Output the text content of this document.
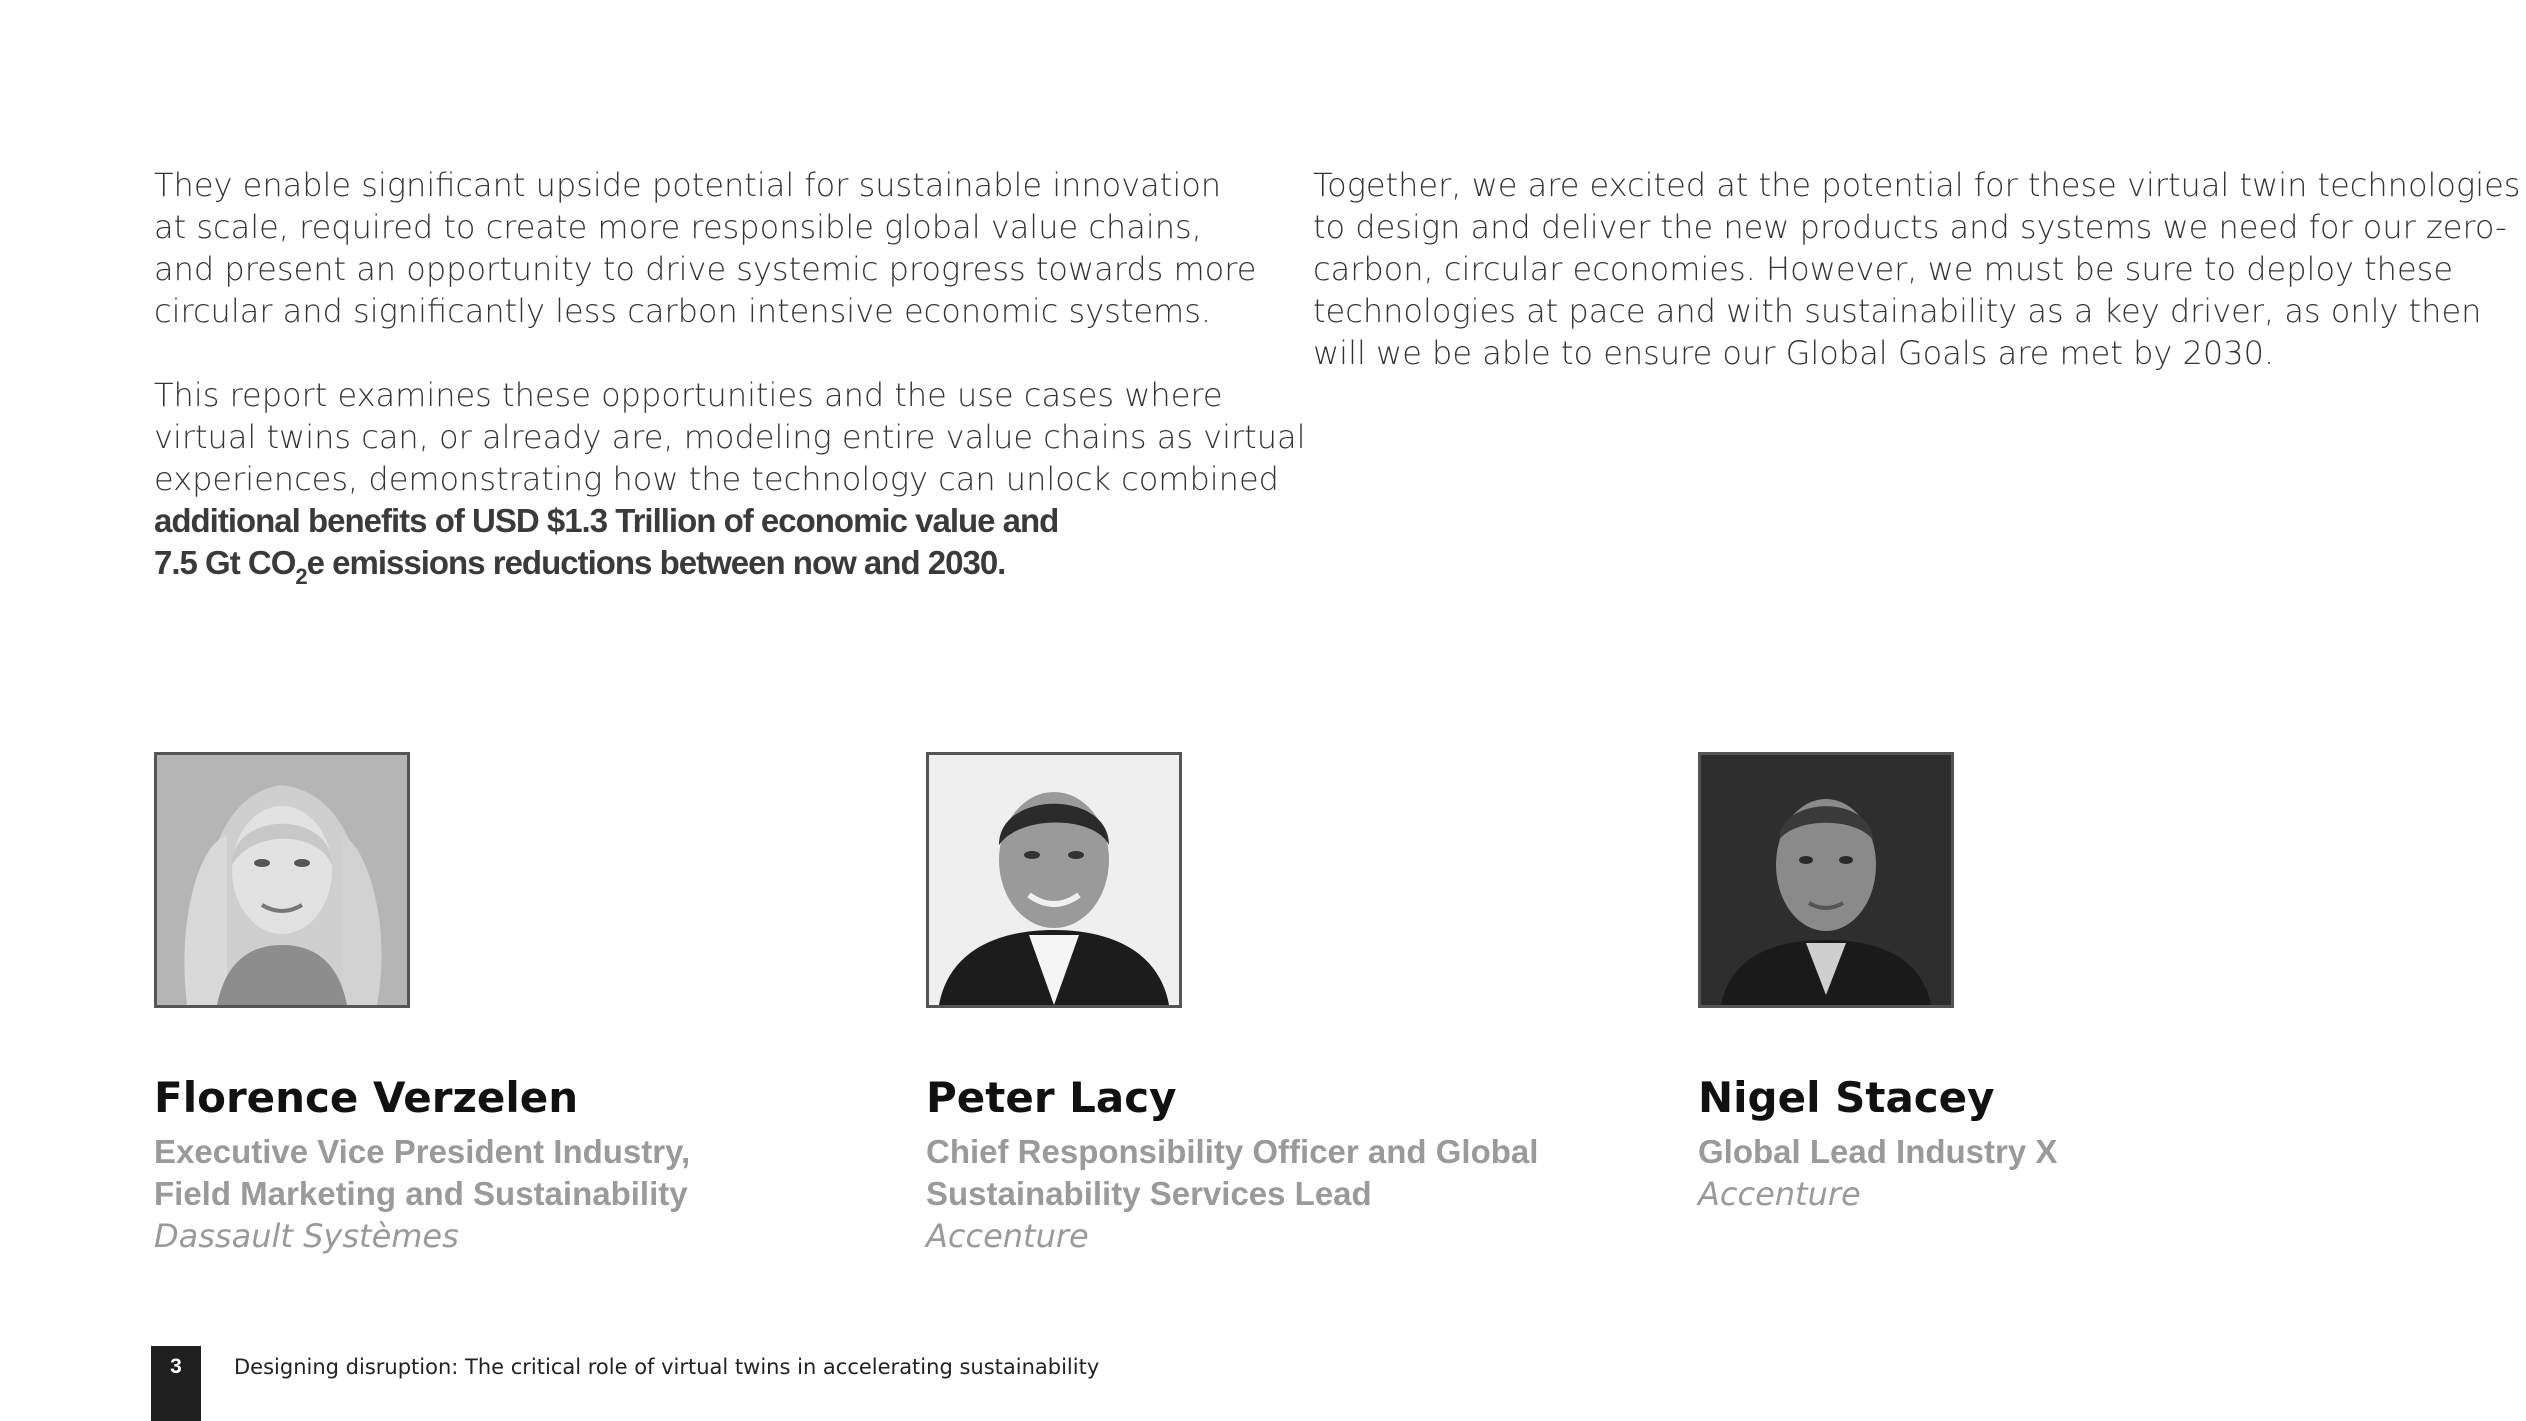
They enable significant upside potential for sustainable innovation
at scale, required to create more responsible global value chains,
and present an opportunity to drive systemic progress towards more
circular and significantly less carbon intensive economic systems.

This report examines these opportunities and the use cases where
virtual twins can, or already are, modeling entire value chains as virtual
experiences, demonstrating how the technology can unlock combined
additional benefits of USD $1.3 Trillion of economic value and
7.5 Gt $CO_2e$ emissions reductions between now and 2030.

Together, we are excited at the potential for these virtual twin technologies
to design and deliver the new products and systems we need for our zero-
carbon, circular economies. However, we must be sure to deploy these
technologies at pace and with sustainability as a key driver, as only then
will we be able to ensure our Global Goals are met by 2030.

Florence Verzelen
Executive Vice President Industry,
Field Marketing and Sustainability
Dassault Systèmes
Peter Lacy
Chief Responsibility Officer and Global
Sustainability Services Lead
Accenture
Nigel Stacey
Global Lead Industry X
Accenture
3	Designing disruption: The critical role of virtual twins in accelerating sustainability
